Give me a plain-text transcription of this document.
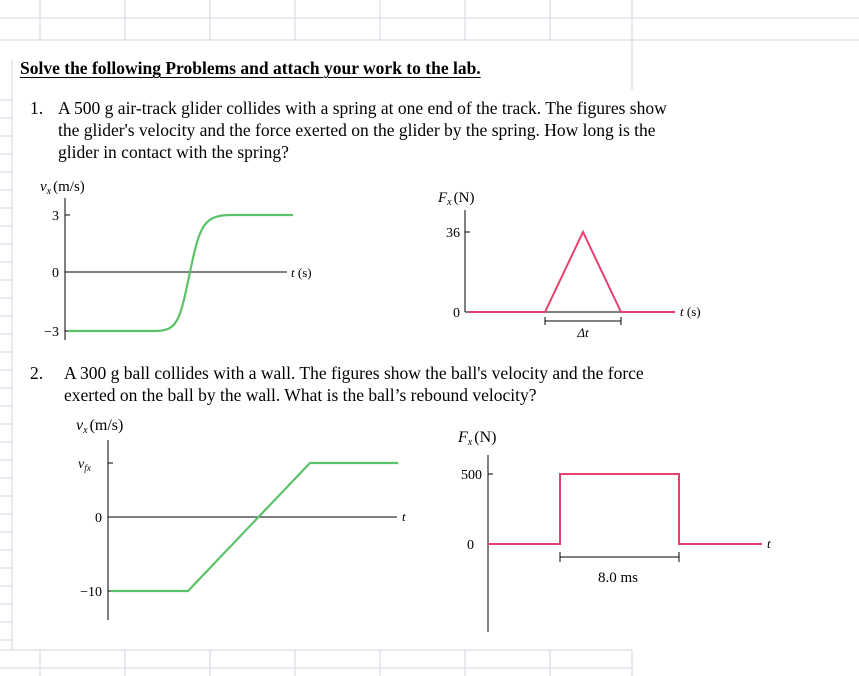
Solve the following Problems and attach your work to the lab.
1. A 500 g air-track glider collides with a spring at one end of the track. The figures show
the glider's velocity and the force exerted on the glider by the spring. How long is the
glider in contact with the spring?
$v_x$ (m/s)
3
0
−3
t (s)
$F_x$ (N)
36
0
Δt
t (s)
2. A 300 g ball collides with a wall. The figures show the ball's velocity and the force
exerted on the ball by the wall. What is the ball’s rebound velocity?
vx (m/s)
$v_{fx}$
0
−10
t
Fx (N)
500
0	t
8.0 ms
